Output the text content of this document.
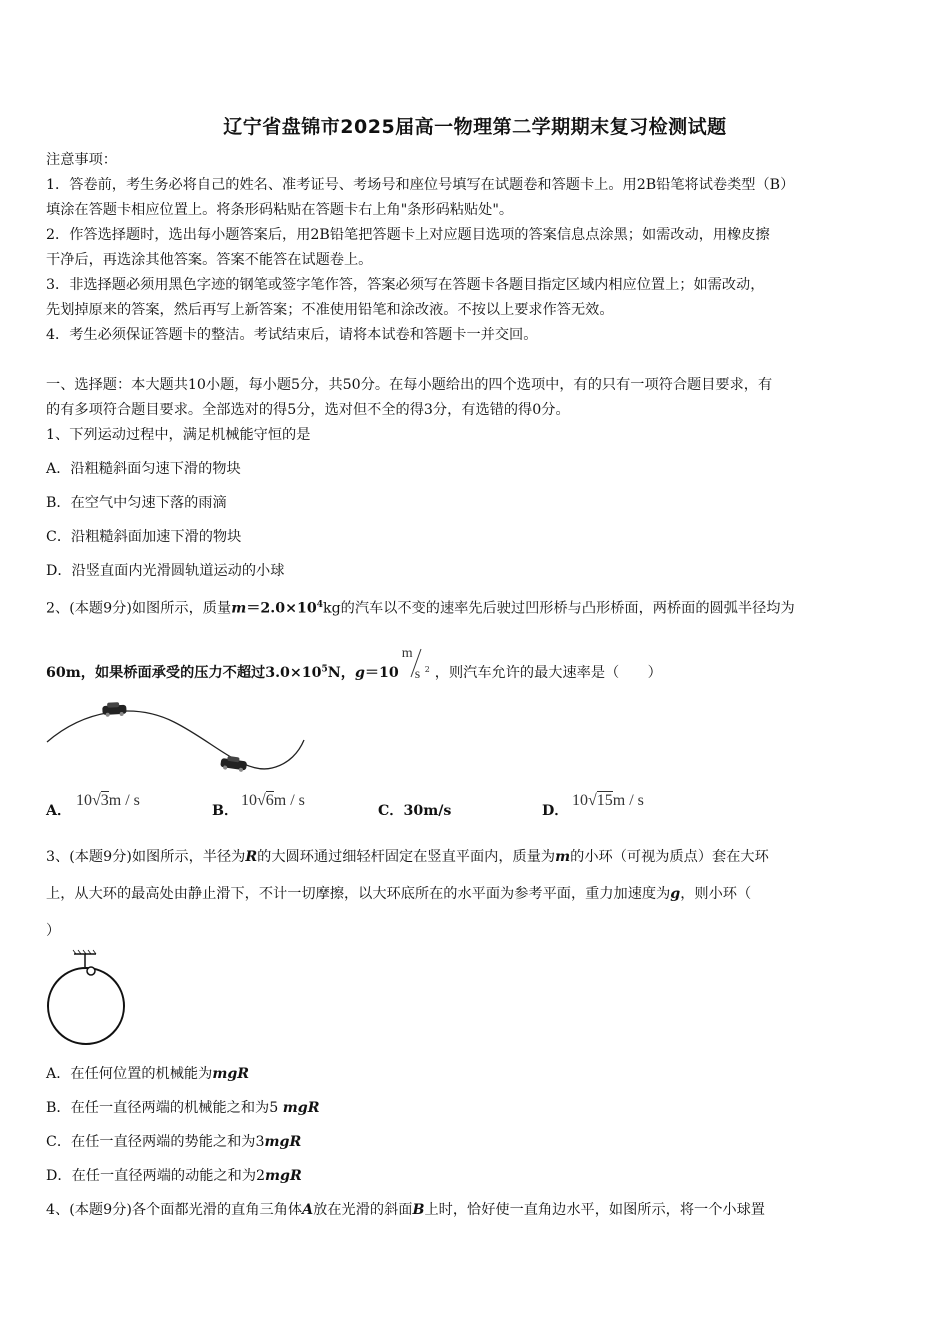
辽宁省盘锦市2025届高一物理第二学期期末复习检测试题
注意事项：
1．答卷前，考生务必将自己的姓名、准考证号、考场号和座位号填写在试题卷和答题卡上。用2B铅笔将试卷类型（B）
填涂在答题卡相应位置上。将条形码粘贴在答题卡右上角"条形码粘贴处"。
2．作答选择题时，选出每小题答案后，用2B铅笔把答题卡上对应题目选项的答案信息点涂黑；如需改动，用橡皮擦
干净后，再选涂其他答案。答案不能答在试题卷上。
3．非选择题必须用黑色字迹的钢笔或签字笔作答，答案必须写在答题卡各题目指定区域内相应位置上；如需改动，
先划掉原来的答案，然后再写上新答案；不准使用铅笔和涂改液。不按以上要求作答无效。
4．考生必须保证答题卡的整洁。考试结束后，请将本试卷和答题卡一并交回。
一、选择题：本大题共10小题，每小题5分，共50分。在每小题给出的四个选项中，有的只有一项符合题目要求，有
的有多项符合题目要求。全部选对的得5分，选对但不全的得3分，有选错的得0分。
1、下列运动过程中，满足机械能守恒的是
A．沿粗糙斜面匀速下滑的物块
B．在空气中匀速下落的雨滴
C．沿粗糙斜面加速下滑的物块
D．沿竖直面内光滑圆轨道运动的小球
2、(本题9分)如图所示，质量$m=2.0\times 10^4kg$的汽车以不变的速率先后驶过凹形桥与凸形桥面，两桥面的圆弧半径均为
60m，如果桥面承受的压力不超过$3.0\times 10^5N$，g＝10
m
s 2 ，则汽车允许的最大速率是（　　）
A．
10√3m / s
B．
10√6m / s
C．30m/s	D．
10√15m / s
3、(本题9分)如图所示，半径为R的大圆环通过细轻杆固定在竖直平面内，质量为m的小环（可视为质点）套在大环
上，从大环的最高处由静止滑下，不计一切摩擦，以大环底所在的水平面为参考平面，重力加速度为g，则小环（
）
A．在任何位置的机械能为mgR
B．在任一直径两端的机械能之和为5 mgR
C．在任一直径两端的势能之和为3mgR
D．在任一直径两端的动能之和为2mgR
4、(本题9分)各个面都光滑的直角三角体A放在光滑的斜面B上时，恰好使一直角边水平，如图所示，将一个小球置
